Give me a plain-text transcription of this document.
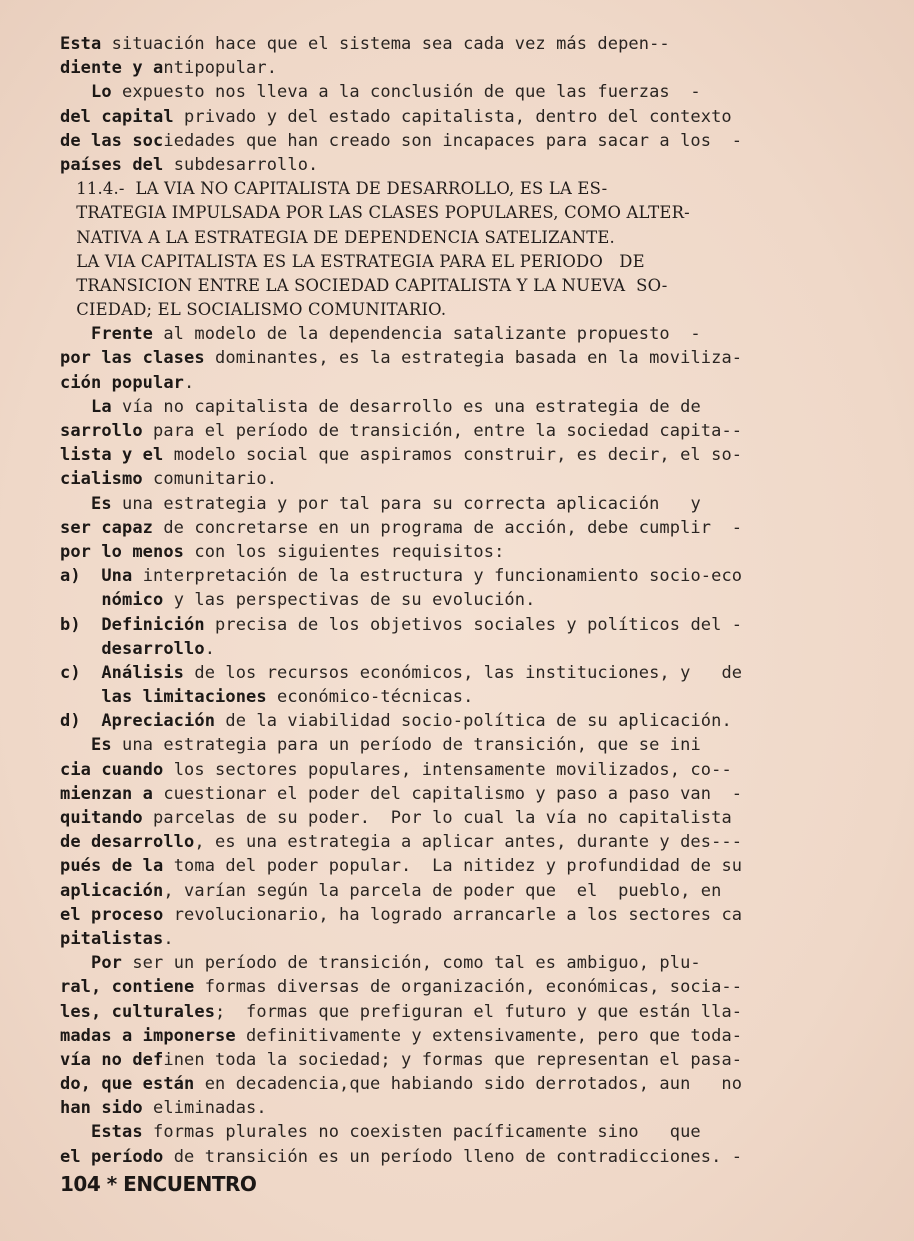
Esta situación hace que el sistema sea cada vez más depen--
diente y antipopular.
Lo expuesto nos lleva a la conclusión de que las fuerzas  -
del capital privado y del estado capitalista, dentro del contexto
de las sociedades que han creado son incapaces para sacar a los  -
países del subdesarrollo.
11.4.-  LA VIA NO CAPITALISTA DE DESARROLLO, ES LA ES-
TRATEGIA IMPULSADA POR LAS CLASES POPULARES, COMO ALTER-
NATIVA A LA ESTRATEGIA DE DEPENDENCIA SATELIZANTE.
LA VIA CAPITALISTA ES LA ESTRATEGIA PARA EL PERIODO   DE
TRANSICION ENTRE LA SOCIEDAD CAPITALISTA Y LA NUEVA  SO-
CIEDAD; EL SOCIALISMO COMUNITARIO.
Frente al modelo de la dependencia satalizante propuesto  -
por las clases dominantes, es la estrategia basada en la moviliza-
ción popular.
La vía no capitalista de desarrollo es una estrategia de de
sarrollo para el período de transición, entre la sociedad capita--
lista y el modelo social que aspiramos construir, es decir, el so-
cialismo comunitario.
Es una estrategia y por tal para su correcta aplicación   y
ser capaz de concretarse en un programa de acción, debe cumplir  -
por lo menos con los siguientes requisitos:
a)  Una interpretación de la estructura y funcionamiento socio-eco
nómico y las perspectivas de su evolución.
b)  Definición precisa de los objetivos sociales y políticos del -
desarrollo.
c)  Análisis de los recursos económicos, las instituciones, y   de
las limitaciones económico-técnicas.
d)  Apreciación de la viabilidad socio-política de su aplicación.
Es una estrategia para un período de transición, que se ini
cia cuando los sectores populares, intensamente movilizados, co--
mienzan a cuestionar el poder del capitalismo y paso a paso van  -
quitando parcelas de su poder.  Por lo cual la vía no capitalista
de desarrollo, es una estrategia a aplicar antes, durante y des---
pués de la toma del poder popular.  La nitidez y profundidad de su
aplicación, varían según la parcela de poder que  el  pueblo, en
el proceso revolucionario, ha logrado arrancarle a los sectores ca
pitalistas.
Por ser un período de transición, como tal es ambiguo, plu-
ral, contiene formas diversas de organización, económicas, socia--
les, culturales;  formas que prefiguran el futuro y que están lla-
madas a imponerse definitivamente y extensivamente, pero que toda-
vía no definen toda la sociedad; y formas que representan el pasa-
do, que están en decadencia,que habiando sido derrotados, aun   no
han sido eliminadas.
Estas formas plurales no coexisten pacíficamente sino   que
el período de transición es un período lleno de contradicciones. -
104 * ENCUENTRO
